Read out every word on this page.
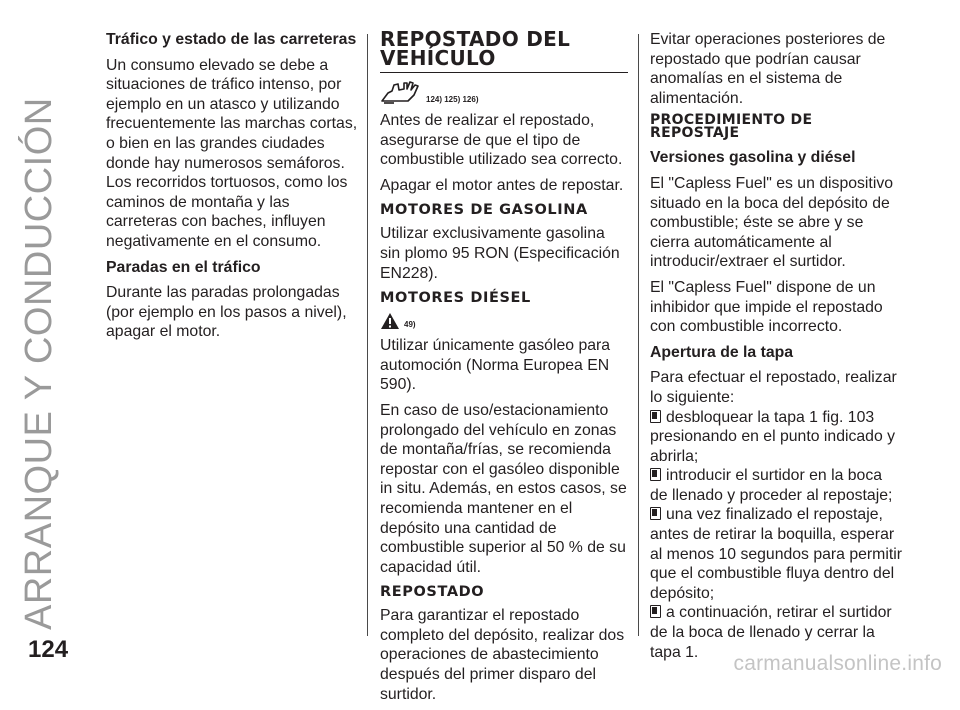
ARRANQUE Y CONDUCCIÓN

Tráfico y estado de las carreteras

Un consumo elevado se debe a situaciones de tráfico intenso, por ejemplo en un atasco y utilizando frecuentemente las marchas cortas, o bien en las grandes ciudades donde hay numerosos semáforos. Los recorridos tortuosos, como los caminos de montaña y las carreteras con baches, influyen negativamente en el consumo.

Paradas en el tráfico

Durante las paradas prolongadas (por ejemplo en los pasos a nivel), apagar el motor.

REPOSTADO DEL VEHÍCULO
124) 125) 126)

Antes de realizar el repostado, asegurarse de que el tipo de combustible utilizado sea correcto.

Apagar el motor antes de repostar.

MOTORES DE GASOLINA

Utilizar exclusivamente gasolina sin plomo 95 RON (Especificación EN228).

MOTORES DIÉSEL
49)

Utilizar únicamente gasóleo para automoción (Norma Europea EN 590).

En caso de uso/estacionamiento prolongado del vehículo en zonas de montaña/frías, se recomienda repostar con el gasóleo disponible in situ. Además, en estos casos, se recomienda mantener en el depósito una cantidad de combustible superior al 50 % de su capacidad útil.

REPOSTADO

Para garantizar el repostado completo del depósito, realizar dos operaciones de abastecimiento después del primer disparo del surtidor.

Evitar operaciones posteriores de repostado que podrían causar anomalías en el sistema de alimentación.

PROCEDIMIENTO DE REPOSTAJE

Versiones gasolina y diésel

El "Capless Fuel" es un dispositivo situado en la boca del depósito de combustible; éste se abre y se cierra automáticamente al introducir/extraer el surtidor.

El "Capless Fuel" dispone de un inhibidor que impide el repostado con combustible incorrecto.

Apertura de la tapa

Para efectuar el repostado, realizar lo siguiente:

desbloquear la tapa 1 fig. 103 presionando en el punto indicado y abrirla;
introducir el surtidor en la boca de llenado y proceder al repostaje;
una vez finalizado el repostaje, antes de retirar la boquilla, esperar al menos 10 segundos para permitir que el combustible fluya dentro del depósito;
a continuación, retirar el surtidor de la boca de llenado y cerrar la tapa 1.
124
carmanualsonline.info
